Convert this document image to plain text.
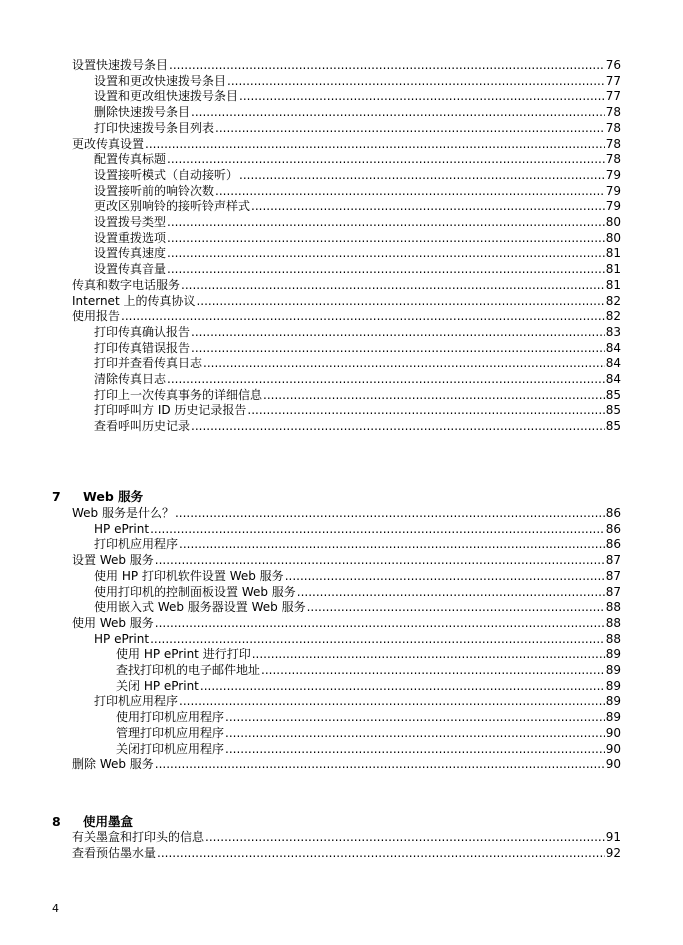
设置快速拨号条目 .....	76
设置和更改快速拨号条目 .....	77
设置和更改组快速拨号条目 .....	77
删除快速拨号条目 .....	78
打印快速拨号条目列表 .....	78
更改传真设置 .....	78
配置传真标题 .....	78
设置接听模式（自动接听） .....	79
设置接听前的响铃次数 .....	79
更改区别响铃的接听铃声样式 .....	79
设置拨号类型 .....	80
设置重拨选项 .....	80
设置传真速度 .....	81
设置传真音量 .....	81
传真和数字电话服务 .....	81
Internet 上的传真协议 .....	82
使用报告 .....	82
打印传真确认报告 .....	83
打印传真错误报告 .....	84
打印并查看传真日志 .....	84
清除传真日志 .....	84
打印上一次传真事务的详细信息 .....	85
打印呼叫方 ID 历史记录报告 .....	85
查看呼叫历史记录 .....	85
7 Web 服务
Web 服务是什么？ .....	86
HP ePrint .....	86
打印机应用程序 .....	86
设置 Web 服务 .....	87
使用 HP 打印机软件设置 Web 服务 .....	87
使用打印机的控制面板设置 Web 服务 .....	87
使用嵌入式 Web 服务器设置 Web 服务 .....	88
使用 Web 服务 .....	88
HP ePrint .....	88
使用 HP ePrint 进行打印 .....	89
查找打印机的电子邮件地址 .....	89
关闭 HP ePrint .....	89
打印机应用程序 .....	89
使用打印机应用程序 .....	89
管理打印机应用程序 .....	90
关闭打印机应用程序 .....	90
删除 Web 服务 .....	90
8 使用墨盒
有关墨盒和打印头的信息 .....	91
查看预估墨水量 .....	92
4
